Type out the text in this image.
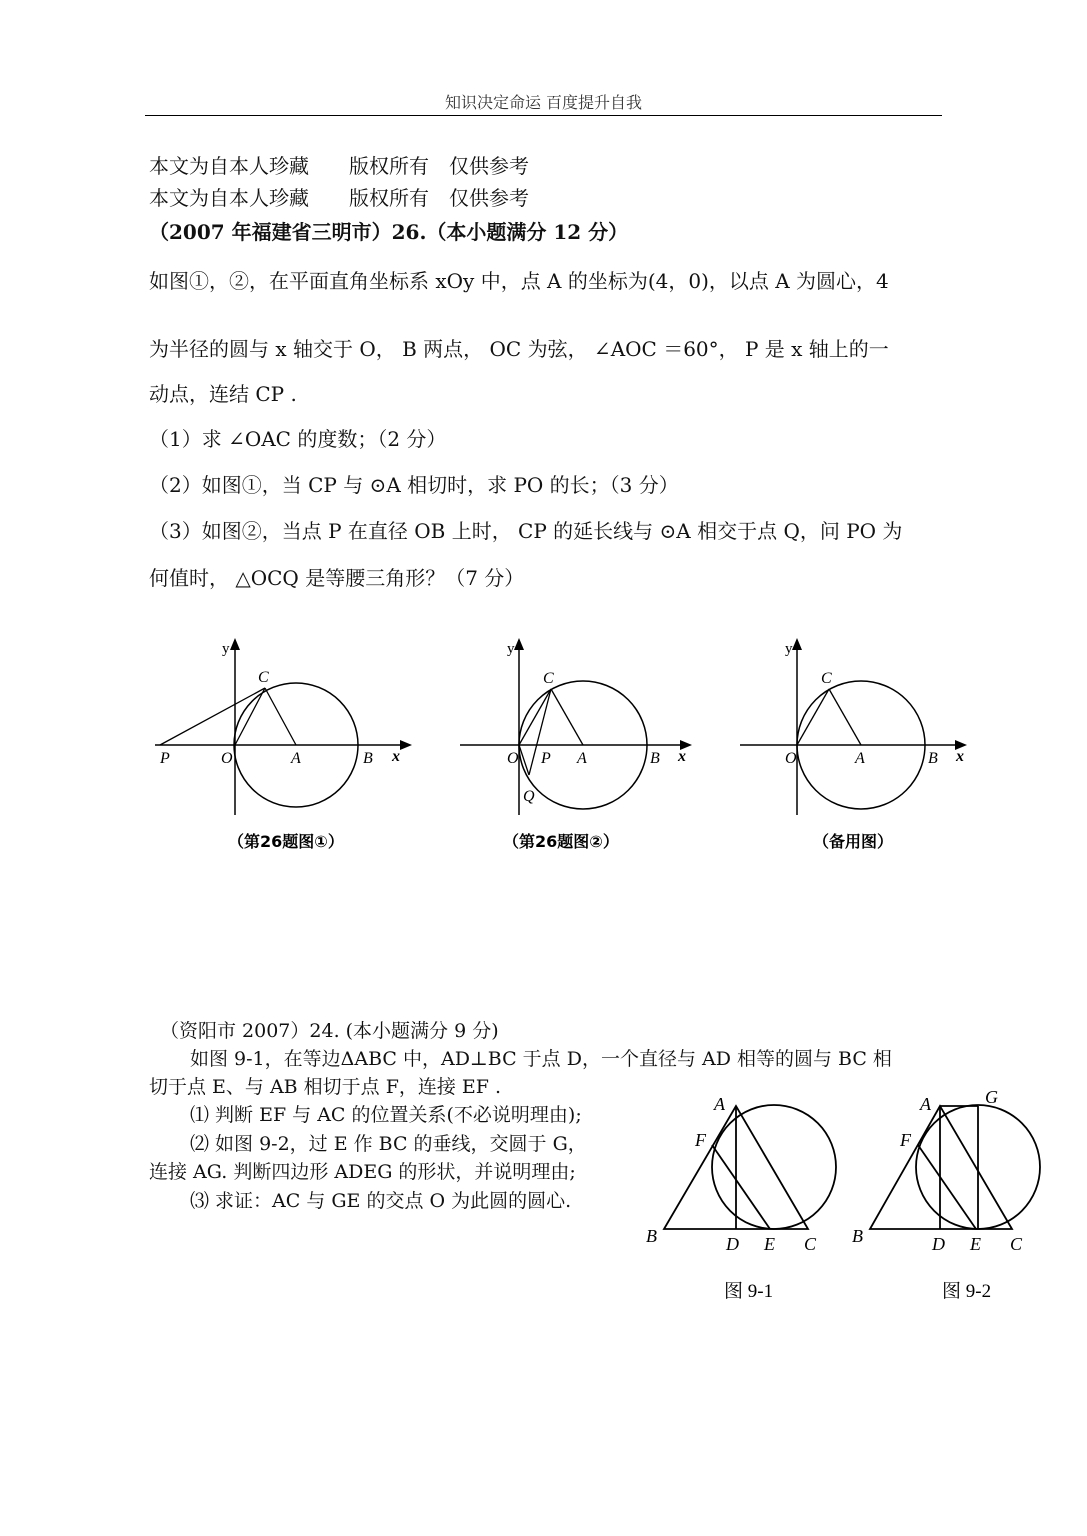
知识决定命运 百度提升自我
本文为自本人珍藏　　版权所有　仅供参考
本文为自本人珍藏　　版权所有　仅供参考
（2007 年福建省三明市）26.（本小题满分 12 分）
如图①，②，在平面直角坐标系 xOy 中，点 A 的坐标为(4，0)，以点 A 为圆心，4
为半径的圆与 x 轴交于 O， B 两点， OC 为弦， ∠AOC ＝60°， P 是 x 轴上的一
动点，连结 CP .
（1）求 ∠OAC 的度数；（2 分）
（2）如图①，当 CP 与 ⊙A 相切时，求 PO 的长；（3 分）
（3）如图②，当点 P 在直径 OB 上时， CP 的延长线与 ⊙A 相交于点 Q，问 PO 为
何值时， △OCQ 是等腰三角形？（7 分）
y
C
P	O	A	B x
（第26题图①）
y
C
O P A	B x
Q
（第26题图②）
y
C
O	A	B x
（备用图）
（资阳市 2007）24. (本小题满分 9 分)
如图 9-1，在等边ΔABC 中，AD⊥BC 于点 D，一个直径与 AD 相等的圆与 BC 相
切于点 E、与 AB 相切于点 F，连接 EF .
⑴ 判断 EF 与 AC 的位置关系(不必说明理由);
⑵ 如图 9-2，过 E 作 BC 的垂线，交圆于 G，
连接 AG. 判断四边形 ADEG 的形状，并说明理由;
⑶ 求证：AC 与 GE 的交点 O 为此圆的圆心.
A
F
B	D E C
图 9-1
A	G
F
B	D E C
图 9-2
